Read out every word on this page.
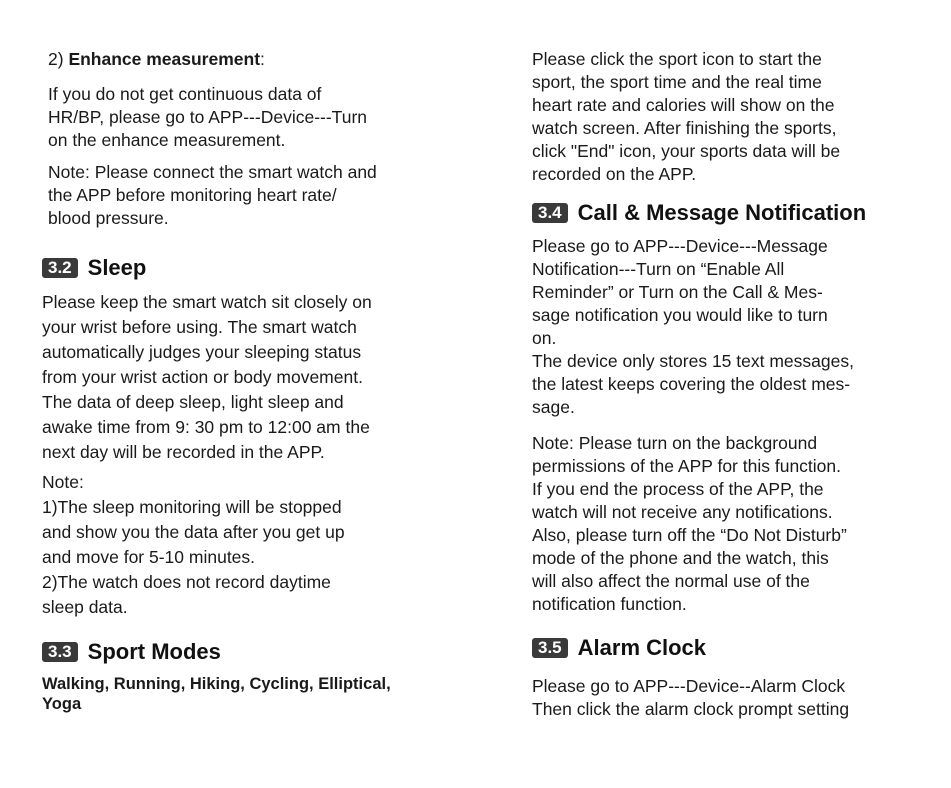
2) Enhance measurement:
If you do not get continuous data of
HR/BP, please go to APP---Device---Turn
on the enhance measurement.
Note: Please connect the smart watch and
the APP before monitoring heart rate/
blood pressure.
3.2 Sleep
Please keep the smart watch sit closely on
your wrist before using. The smart watch
automatically judges your sleeping status
from your wrist action or body movement.
The data of deep sleep, light sleep and
awake time from 9: 30 pm to 12:00 am the
next day will be recorded in the APP.
Note:
1)The sleep monitoring will be stopped
and show you the data after you get up
and move for 5-10 minutes.
2)The watch does not record daytime
sleep data.
3.3 Sport Modes
Walking, Running, Hiking, Cycling, Elliptical,
Yoga
Please click the sport icon to start the
sport, the sport time and the real time
heart rate and calories will show on the
watch screen. After finishing the sports,
click "End" icon, your sports data will be
recorded on the APP.
3.4 Call & Message Notification
Please go to APP---Device---Message
Notification---Turn on “Enable All
Reminder” or Turn on the Call & Mes-
sage notification you would like to turn
on.
The device only stores 15 text messages,
the latest keeps covering the oldest mes-
sage.
Note: Please turn on the background
permissions of the APP for this function.
If you end the process of the APP, the
watch will not receive any notifications.
Also, please turn off the “Do Not Disturb”
mode of the phone and the watch, this
will also affect the normal use of the
notification function.
3.5 Alarm Clock
Please go to APP---Device--Alarm Clock
Then click the alarm clock prompt setting
